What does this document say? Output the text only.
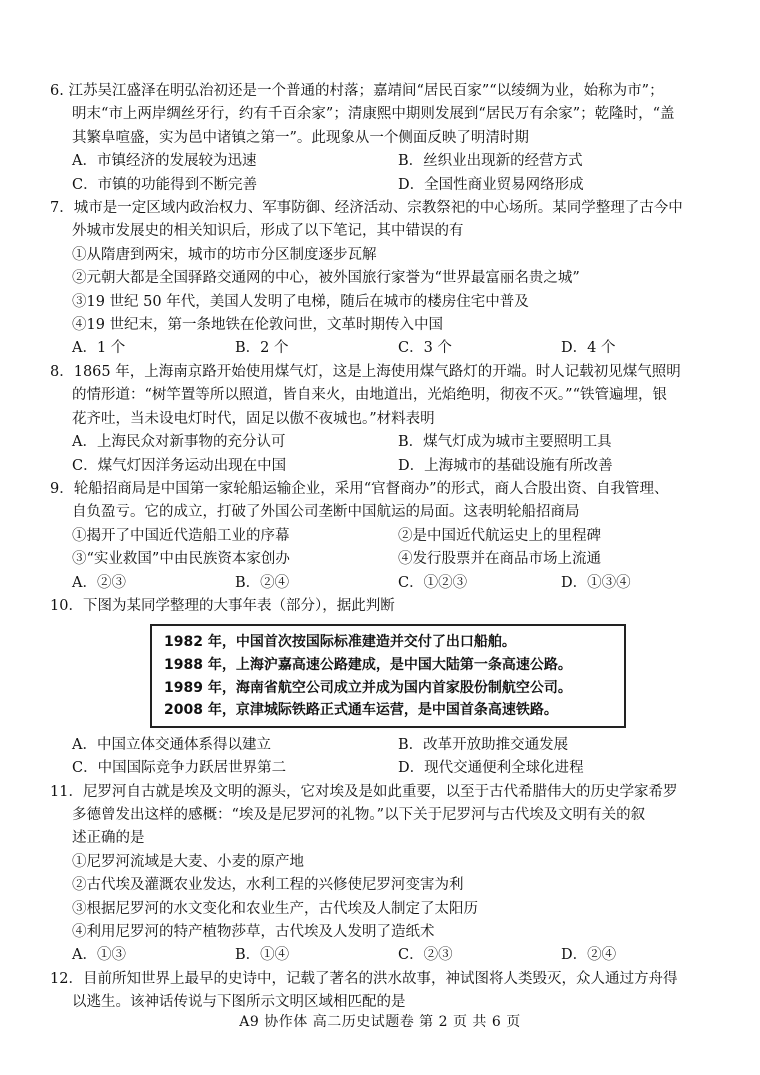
6. 江苏吴江盛泽在明弘治初还是一个普通的村落；嘉靖间“居民百家”“以绫绸为业，始称为市”；
明末“市上两岸绸丝牙行，约有千百余家”；清康熙中期则发展到“居民万有余家”；乾隆时，“盖
其繁阜喧盛，实为邑中诸镇之第一”。此现象从一个侧面反映了明清时期
A．市镇经济的发展较为迅速	B．丝织业出现新的经营方式
C．市镇的功能得到不断完善	D．全国性商业贸易网络形成
7．城市是一定区域内政治权力、军事防御、经济活动、宗教祭祀的中心场所。某同学整理了古今中
外城市发展史的相关知识后，形成了以下笔记，其中错误的有
①从隋唐到两宋，城市的坊市分区制度逐步瓦解
②元朝大都是全国驿路交通网的中心，被外国旅行家誉为“世界最富丽名贵之城”
③19 世纪 50 年代，美国人发明了电梯，随后在城市的楼房住宅中普及
④19 世纪末，第一条地铁在伦敦问世，文革时期传入中国
A．1 个	B．2 个	C．3 个	D．4 个
8．1865 年，上海南京路开始使用煤气灯，这是上海使用煤气路灯的开端。时人记载初见煤气照明
的情形道：“树竿置等所以照道，皆自来火，由地道出，光焰绝明，彻夜不灭。”“铁管遍埋，银
花齐吐，当未设电灯时代，固足以傲不夜城也。”材料表明
A．上海民众对新事物的充分认可	B．煤气灯成为城市主要照明工具
C．煤气灯因洋务运动出现在中国	D．上海城市的基础设施有所改善
9．轮船招商局是中国第一家轮船运输企业，采用“官督商办”的形式，商人合股出资、自我管理、
自负盈亏。它的成立，打破了外国公司垄断中国航运的局面。这表明轮船招商局
①揭开了中国近代造船工业的序幕	②是中国近代航运史上的里程碑
③“实业救国”中由民族资本家创办	④发行股票并在商品市场上流通
A．②③	B．②④	C．①②③	D．①③④
10．下图为某同学整理的大事年表（部分），据此判断
1982 年，中国首次按国际标准建造并交付了出口船舶。
1988 年，上海沪嘉高速公路建成，是中国大陆第一条高速公路。
1989 年，海南省航空公司成立并成为国内首家股份制航空公司。
2008 年，京津城际铁路正式通车运营，是中国首条高速铁路。
A．中国立体交通体系得以建立	B．改革开放助推交通发展
C．中国国际竞争力跃居世界第二	D．现代交通便利全球化进程
11．尼罗河自古就是埃及文明的源头，它对埃及是如此重要，以至于古代希腊伟大的历史学家希罗
多德曾发出这样的感概：“埃及是尼罗河的礼物。”以下关于尼罗河与古代埃及文明有关的叙
述正确的是
①尼罗河流域是大麦、小麦的原产地
②古代埃及灌溉农业发达，水利工程的兴修使尼罗河变害为利
③根据尼罗河的水文变化和农业生产，古代埃及人制定了太阳历
④利用尼罗河的特产植物莎草，古代埃及人发明了造纸术
A．①③	B．①④	C．②③	D．②④
12．目前所知世界上最早的史诗中，记载了著名的洪水故事，神试图将人类毁灭，众人通过方舟得
以逃生。该神话传说与下图所示文明区域相匹配的是
A9 协作体 高二历史试题卷 第 2 页 共 6 页
